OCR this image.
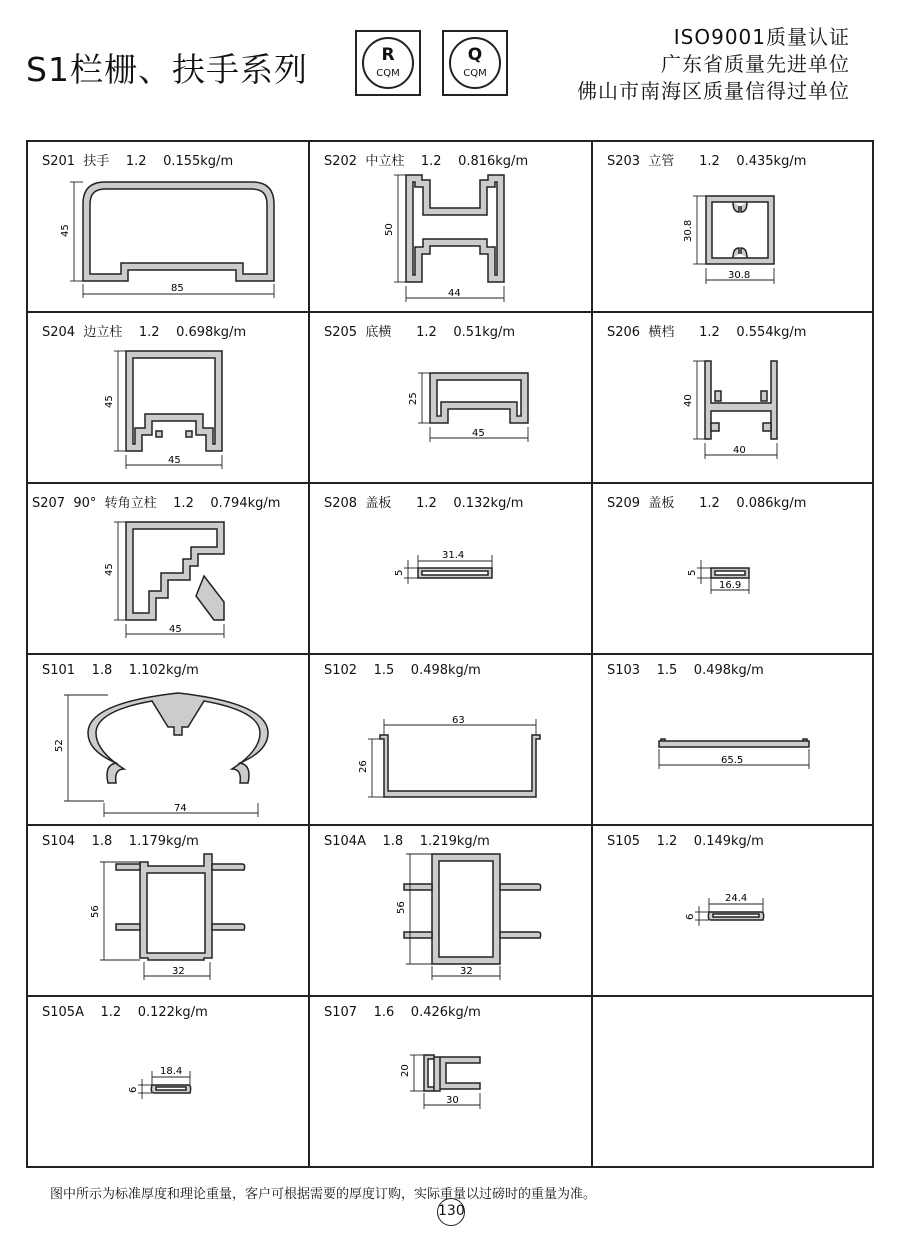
S1栏栅、扶手系列	R
CQM
Q
CQM
ISO9001质量认证
广东省质量先进单位
佛山市南海区质量信得过单位
S201  扶手    1.2    0.155kg/m
45
85
S202  中立柱    1.2    0.816kg/m
50
44
S203  立管      1.2    0.435kg/m
30.8
30.8
S204  边立柱    1.2    0.698kg/m
45
45
S205  底横      1.2    0.51kg/m
25
45
S206  横档      1.2    0.554kg/m
40
40
S207  90°  转角立柱    1.2    0.794kg/m
45
45
S208  盖板      1.2    0.132kg/m
31.4
5
S209  盖板      1.2    0.086kg/m
16.9
5
S101    1.8    1.102kg/m
52
74
S102    1.5    0.498kg/m
63
26
S103    1.5    0.498kg/m
65.5
S104    1.8    1.179kg/m
56
32
S104A    1.8    1.219kg/m
56
32
S105    1.2    0.149kg/m
24.4
6
S105A    1.2    0.122kg/m
18.4
6
S107    1.6    0.426kg/m
20
30
图中所示为标准厚度和理论重量，客户可根据需要的厚度订购，实际重量以过磅时的重量为准。
130
